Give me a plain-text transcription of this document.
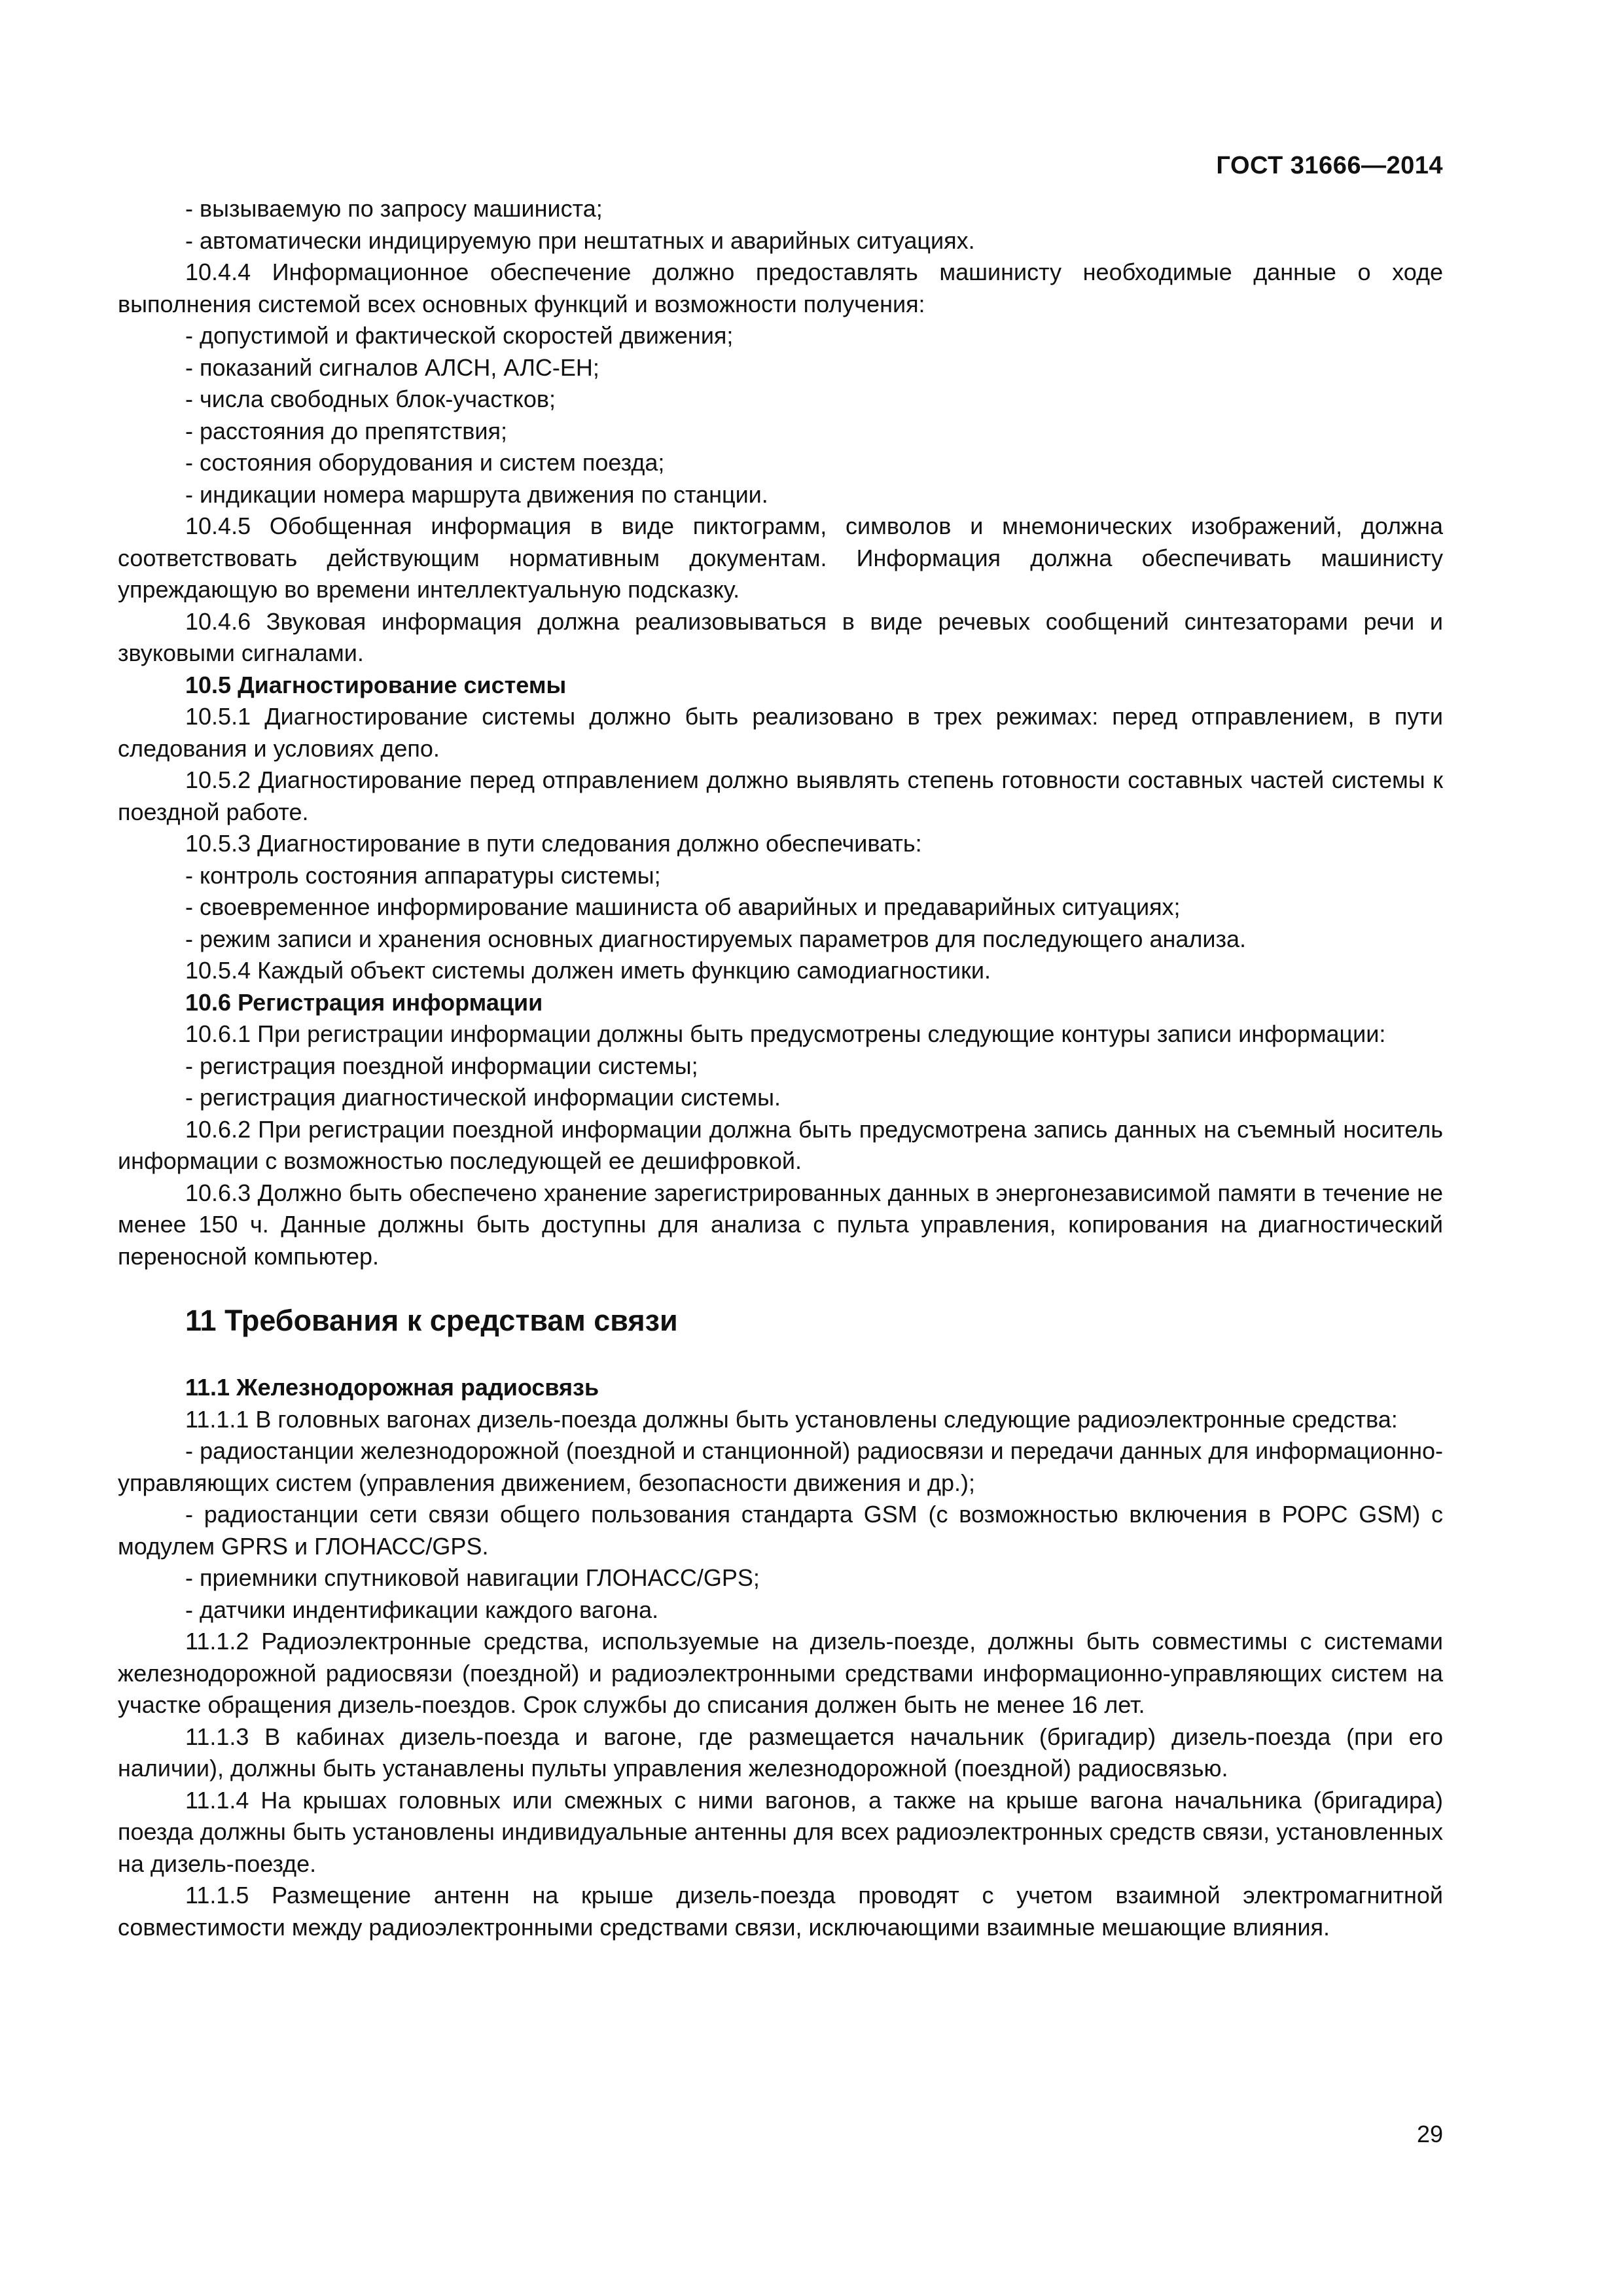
ГОСТ 31666—2014
- вызываемую по запросу машиниста;
- автоматически индицируемую при нештатных и аварийных ситуациях.
10.4.4 Информационное обеспечение должно предоставлять машинисту необходимые данные о ходе выполнения системой всех основных функций и возможности получения:
- допустимой и фактической скоростей движения;
- показаний сигналов АЛСН, АЛС-ЕН;
- числа свободных блок-участков;
- расстояния до препятствия;
- состояния оборудования и систем поезда;
- индикации номера маршрута движения по станции.
10.4.5 Обобщенная информация в виде пиктограмм, символов и мнемонических изображений, должна соответствовать действующим нормативным документам. Информация должна обеспечивать машинисту упреждающую во времени интеллектуальную подсказку.
10.4.6 Звуковая информация должна реализовываться в виде речевых сообщений синтезаторами речи и звуковыми сигналами.
10.5 Диагностирование системы
10.5.1 Диагностирование системы должно быть реализовано в трех режимах: перед отправлением, в пути следования и условиях депо.
10.5.2 Диагностирование перед отправлением должно выявлять степень готовности составных частей системы к поездной работе.
10.5.3 Диагностирование в пути следования должно обеспечивать:
- контроль состояния аппаратуры системы;
- своевременное информирование машиниста об аварийных и предаварийных ситуациях;
- режим записи и хранения основных диагностируемых параметров для последующего анализа.
10.5.4 Каждый объект системы должен иметь функцию самодиагностики.
10.6 Регистрация информации
10.6.1 При регистрации информации должны быть предусмотрены следующие контуры записи информации:
- регистрация поездной информации системы;
- регистрация диагностической информации системы.
10.6.2 При регистрации поездной информации должна быть предусмотрена запись данных на съемный носитель информации с возможностью последующей ее дешифровкой.
10.6.3 Должно быть обеспечено хранение зарегистрированных данных в энергонезависимой памяти в течение не менее 150 ч. Данные должны быть доступны для анализа с пульта управления, копирования на диагностический переносной компьютер.
11 Требования к средствам связи
11.1 Железнодорожная радиосвязь
11.1.1 В головных вагонах дизель-поезда должны быть установлены следующие радиоэлектронные средства:
- радиостанции железнодорожной (поездной и станционной) радиосвязи и передачи данных для информационно-управляющих систем (управления движением, безопасности движения и др.);
- радиостанции сети связи общего пользования стандарта GSM (с возможностью включения в РОРС GSM) с модулем GPRS и ГЛОНАСС/GPS.
- приемники спутниковой навигации ГЛОНАСС/GPS;
- датчики индентификации каждого вагона.
11.1.2 Радиоэлектронные средства, используемые на дизель-поезде, должны быть совместимы с системами железнодорожной радиосвязи (поездной) и радиоэлектронными средствами информационно-управляющих систем на участке обращения дизель-поездов. Срок службы до списания должен быть не менее 16 лет.
11.1.3 В кабинах дизель-поезда и вагоне, где размещается начальник (бригадир) дизель-поезда (при его наличии), должны быть устанавлены пульты управления железнодорожной (поездной) радиосвязью.
11.1.4 На крышах головных или смежных с ними вагонов, а также на крыше вагона начальника (бригадира) поезда должны быть установлены индивидуальные антенны для всех радиоэлектронных средств связи, установленных на дизель-поезде.
11.1.5 Размещение антенн на крыше дизель-поезда проводят с учетом взаимной электромагнитной совместимости между радиоэлектронными средствами связи, исключающими взаимные мешающие влияния.
29
